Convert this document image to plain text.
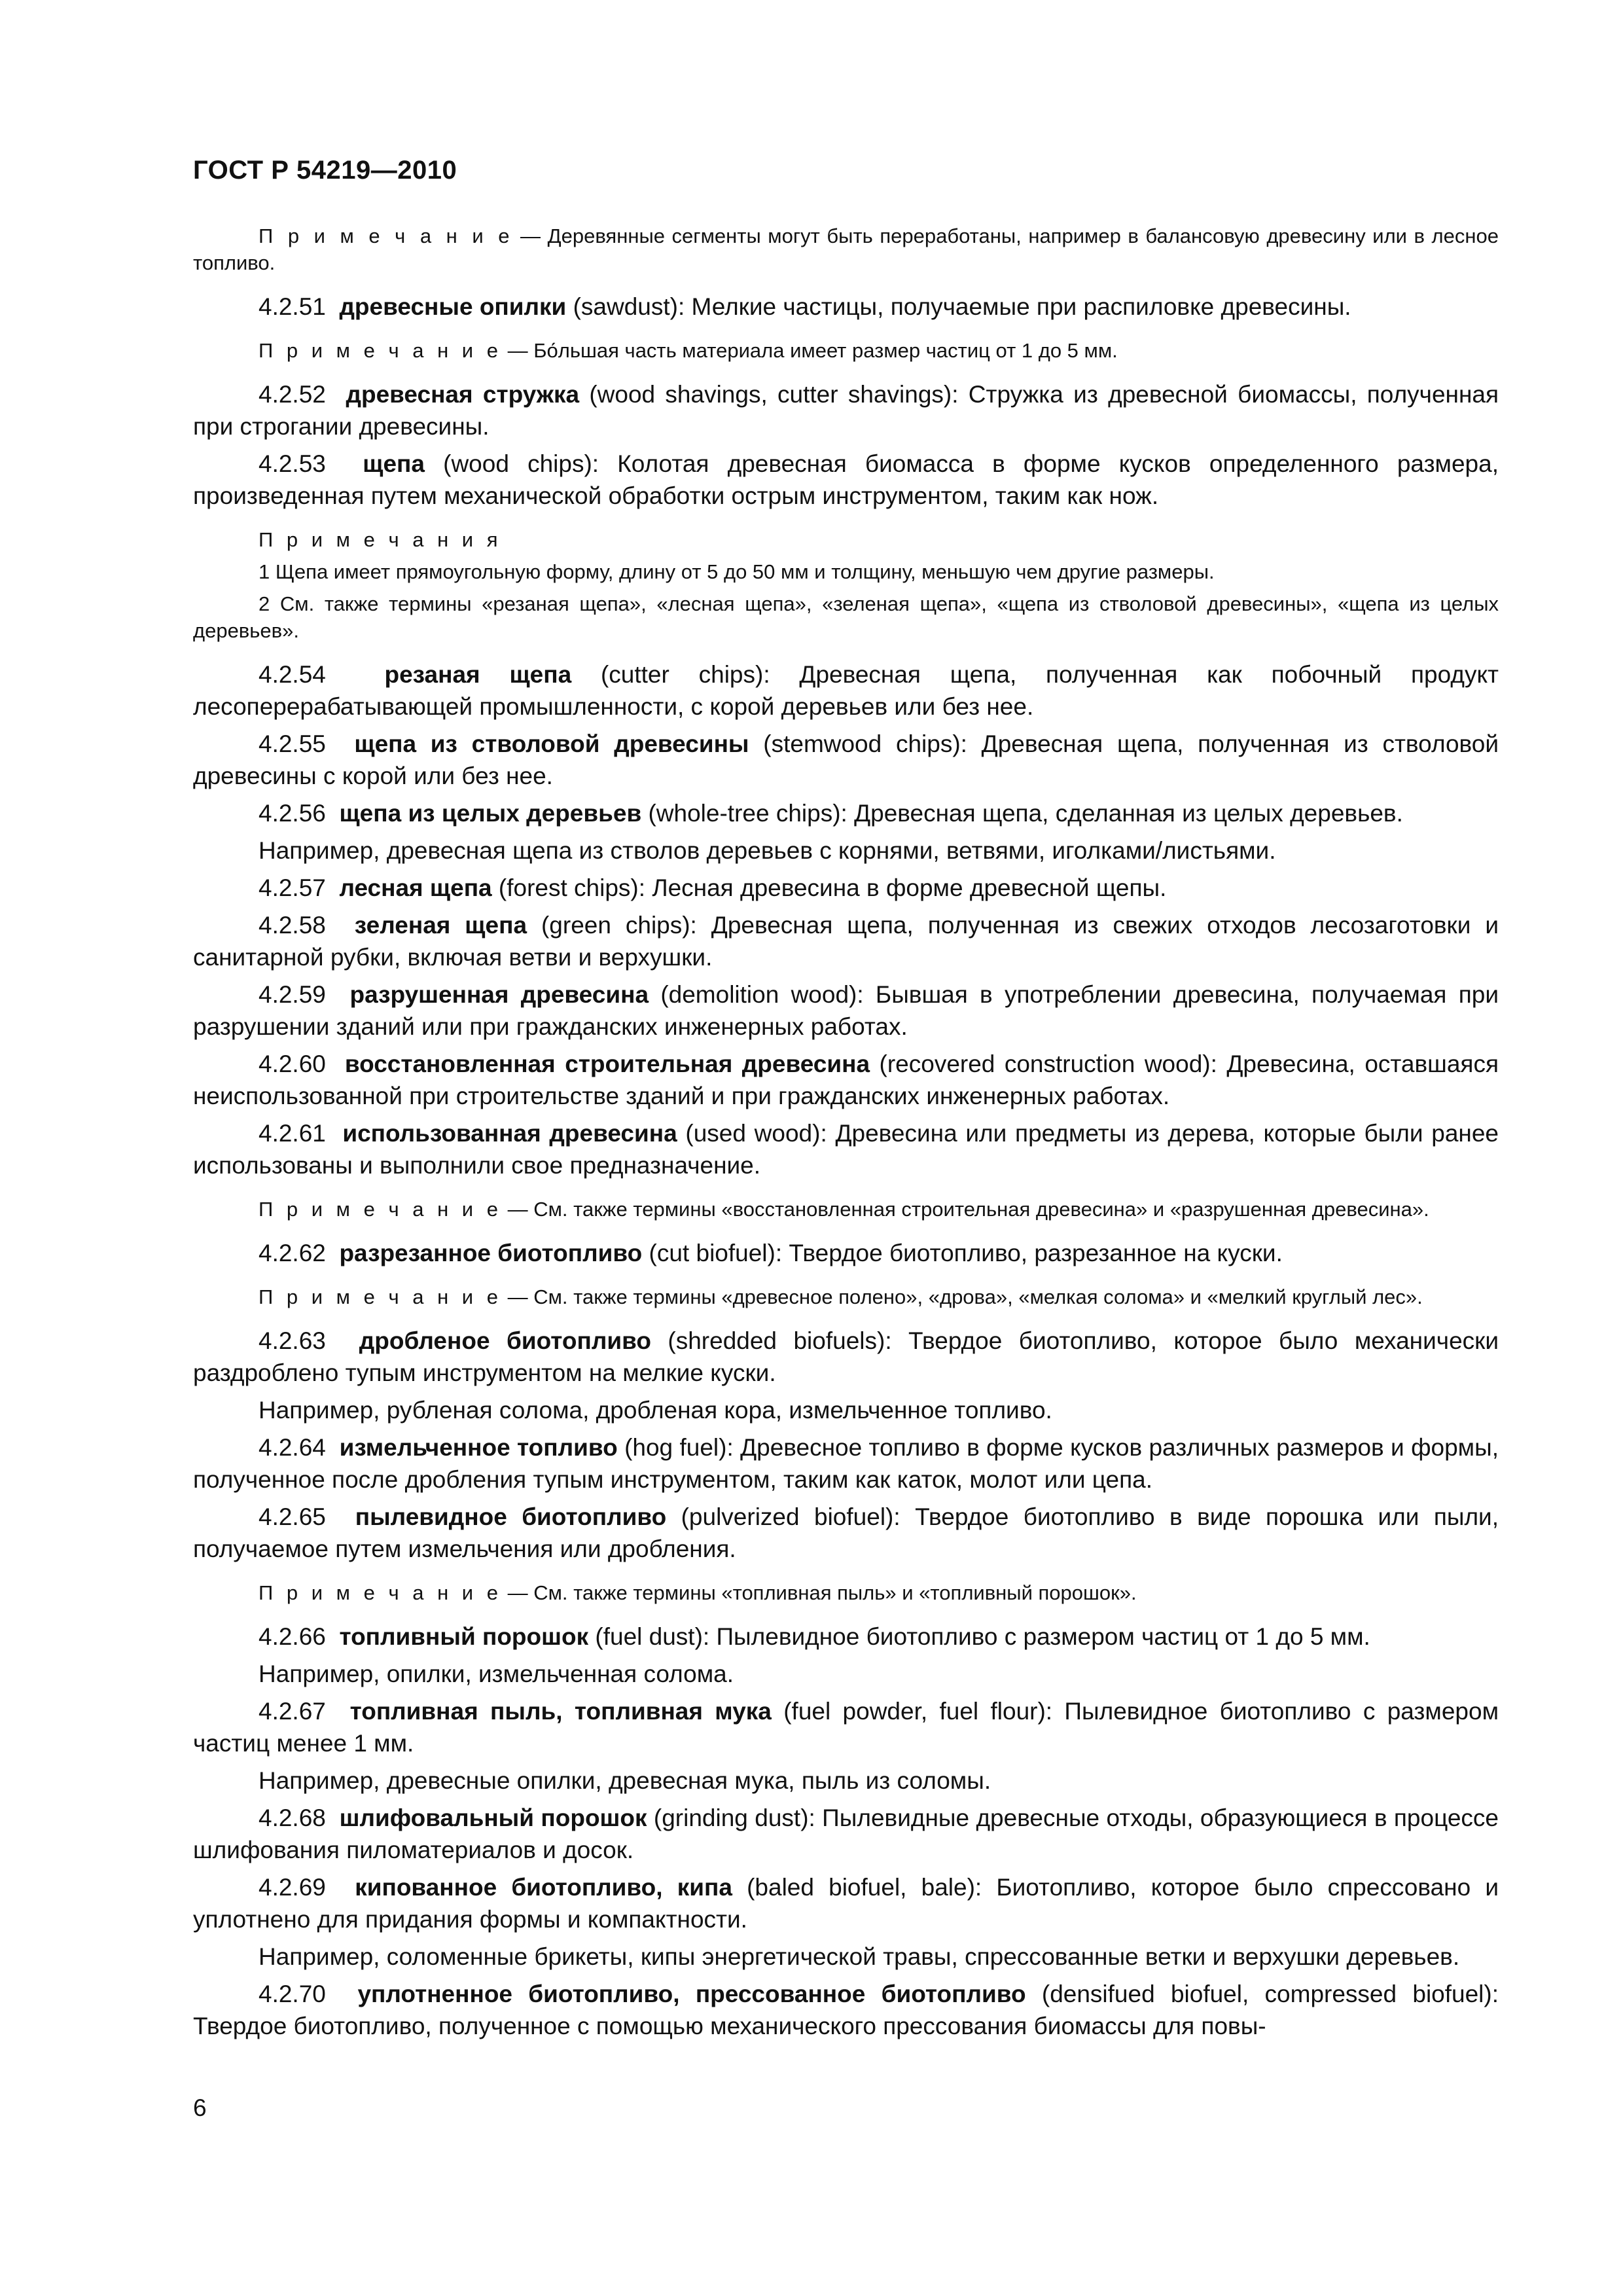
ГОСТ Р 54219—2010

П р и м е ч а н и е — Деревянные сегменты могут быть переработаны, например в балансовую древесину или в лесное топливо.

4.2.51 древесные опилки (sawdust): Мелкие частицы, получаемые при распиловке древесины.

П р и м е ч а н и е — Бо́льшая часть материала имеет размер частиц от 1 до 5 мм.

4.2.52 древесная стружка (wood shavings, cutter shavings): Стружка из древесной биомассы, полученная при строгании древесины.

4.2.53 щепа (wood chips): Колотая древесная биомасса в форме кусков определенного размера, произведенная путем механической обработки острым инструментом, таким как нож.

П р и м е ч а н и я

1 Щепа имеет прямоугольную форму, длину от 5 до 50 мм и толщину, меньшую чем другие размеры.

2 См. также термины «резаная щепа», «лесная щепа», «зеленая щепа», «щепа из стволовой древесины», «щепа из целых деревьев».

4.2.54 резаная щепа (cutter chips): Древесная щепа, полученная как побочный продукт лесоперерабатывающей промышленности, с корой деревьев или без нее.

4.2.55 щепа из стволовой древесины (stemwood chips): Древесная щепа, полученная из стволовой древесины с корой или без нее.

4.2.56 щепа из целых деревьев (whole-tree chips): Древесная щепа, сделанная из целых деревьев.

Например, древесная щепа из стволов деревьев с корнями, ветвями, иголками/листьями.

4.2.57 лесная щепа (forest chips): Лесная древесина в форме древесной щепы.

4.2.58 зеленая щепа (green chips): Древесная щепа, полученная из свежих отходов лесозаготовки и санитарной рубки, включая ветви и верхушки.

4.2.59 разрушенная древесина (demolition wood): Бывшая в употреблении древесина, получаемая при разрушении зданий или при гражданских инженерных работах.

4.2.60 восстановленная строительная древесина (recovered construction wood): Древесина, оставшаяся неиспользованной при строительстве зданий и при гражданских инженерных работах.

4.2.61 использованная древесина (used wood): Древесина или предметы из дерева, которые были ранее использованы и выполнили свое предназначение.

П р и м е ч а н и е — См. также термины «восстановленная строительная древесина» и «разрушенная древесина».

4.2.62 разрезанное биотопливо (cut biofuel): Твердое биотопливо, разрезанное на куски.

П р и м е ч а н и е — См. также термины «древесное полено», «дрова», «мелкая солома» и «мелкий круглый лес».

4.2.63 дробленое биотопливо (shredded biofuels): Твердое биотопливо, которое было механически раздроблено тупым инструментом на мелкие куски.

Например, рубленая солома, дробленая кора, измельченное топливо.

4.2.64 измельченное топливо (hog fuel): Древесное топливо в форме кусков различных размеров и формы, полученное после дробления тупым инструментом, таким как каток, молот или цепа.

4.2.65 пылевидное биотопливо (pulverized biofuel): Твердое биотопливо в виде порошка или пыли, получаемое путем измельчения или дробления.

П р и м е ч а н и е — См. также термины «топливная пыль» и «топливный порошок».

4.2.66 топливный порошок (fuel dust): Пылевидное биотопливо с размером частиц от 1 до 5 мм.

Например, опилки, измельченная солома.

4.2.67 топливная пыль, топливная мука (fuel powder, fuel flour): Пылевидное биотопливо с размером частиц менее 1 мм.

Например, древесные опилки, древесная мука, пыль из соломы.

4.2.68 шлифовальный порошок (grinding dust): Пылевидные древесные отходы, образующиеся в процессе шлифования пиломатериалов и досок.

4.2.69 кипованное биотопливо, кипа (baled biofuel, bale): Биотопливо, которое было спрессовано и уплотнено для придания формы и компактности.

Например, соломенные брикеты, кипы энергетической травы, спрессованные ветки и верхушки деревьев.

4.2.70 уплотненное биотопливо, прессованное биотопливо (densifued biofuel, compressed biofuel): Твердое биотопливо, полученное с помощью механического прессования биомассы для повы-

6
